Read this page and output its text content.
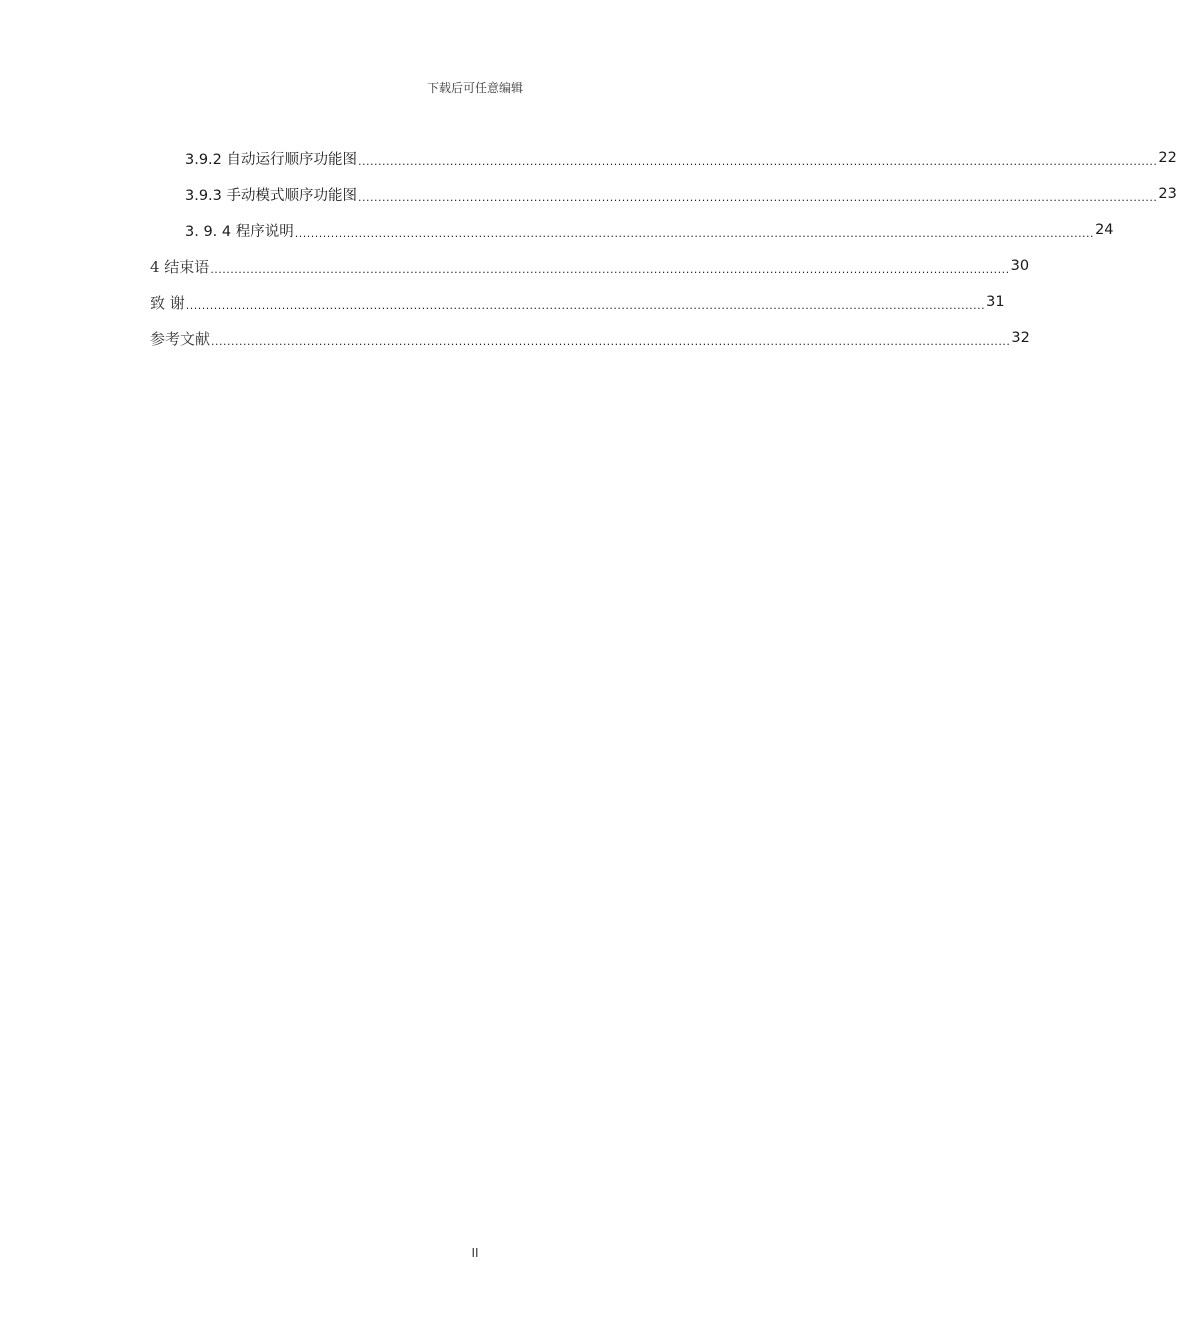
下载后可任意编辑
3.9.2 自动运行顺序功能图 ........................................................................................................................................................................................................ 22
3.9.3 手动模式顺序功能图 ........................................................................................................................................................................................................ 23
3. 9. 4 程序说明 ........................................................................................................................................................................................................ 24
4 结束语 ........................................................................................................................................................................................................ 30
致 谢 ........................................................................................................................................................................................................ 31
参考文献 ........................................................................................................................................................................................................ 32
II
